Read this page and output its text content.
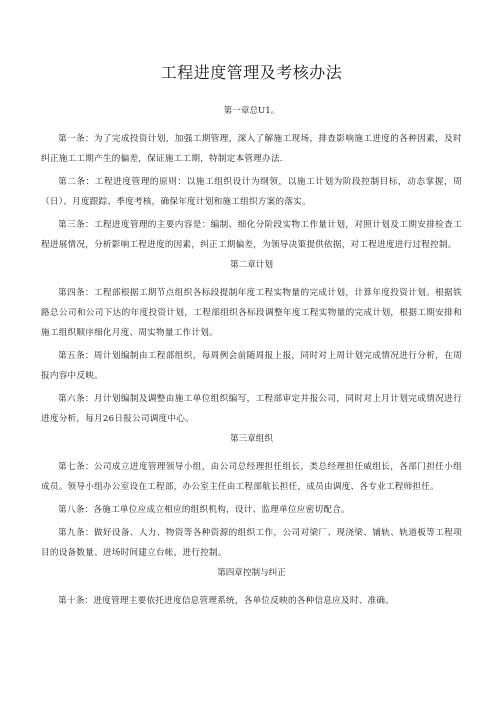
工程进度管理及考核办法
第一章总U1。

第一条：为了完成投资计划，加强工期管理，深入了解施工现场，排查影响施工进度的各种因素，及时纠正施工工期产生的偏差，保证施工工期，特制定本管理办法.

第二条：工程进度管理的原则：以施工组织设计为纲领，以施工计划为阶段控制目标，动态掌握，周（日）、月度跟踪、季度考核，确保年度计划和施工组织方案的落实。

第三条：工程进度管理的主要内容是：编制、细化分阶段实物工作量计划，对照计划及工期安排检查工程进展情况，分析影响工程进度的因素，纠正工期偏差，为领导决策提供依据，对工程进度进行过程控制。

第二章计划

第四条：工程部根据工期节点组织各标段提制年度工程实物量的完成计划，计算年度投资计划。根据铁路总公司和公司下达的年度投资计划，工程部组织各标段调整年度工程实物量的完成计划，根据工期安排和施工组织顺序细化月度、周实物量工作计划。

第五条：周计划编制由工程部组织，每周例会前随周报上报，同时对上周计划完成情况进行分析，在周报内容中反映。

第六条：月计划编制及调整由施工单位组织编写，工程部审定并报公司，同时对上月计划完成情况进行进度分析，每月26日报公司调度中心。

第三章组织

第七条：公司成立进度管理领导小组，由公司总经理担任组长，类总经理担任威组长，各部门担任小组成员。领导小组办公室设在工程部，办公室主任由工程部航长担任，成员由调度、各专业工程师担任。

第八条：各施工单位应成立相应的组织机构，设计、监理单位应密切配合。

第九条：做好设备、人力、物资等各种资源的组织工作，公司对梁厂、现浇梁、铺轨、轨道板等工程项目的设备数量、进场时间建立台帐，进行控制。

第四章控制与纠正

第十条：进度管理主要依托进度信息管理系统，各单位反映的各种信息应及时、准确。
